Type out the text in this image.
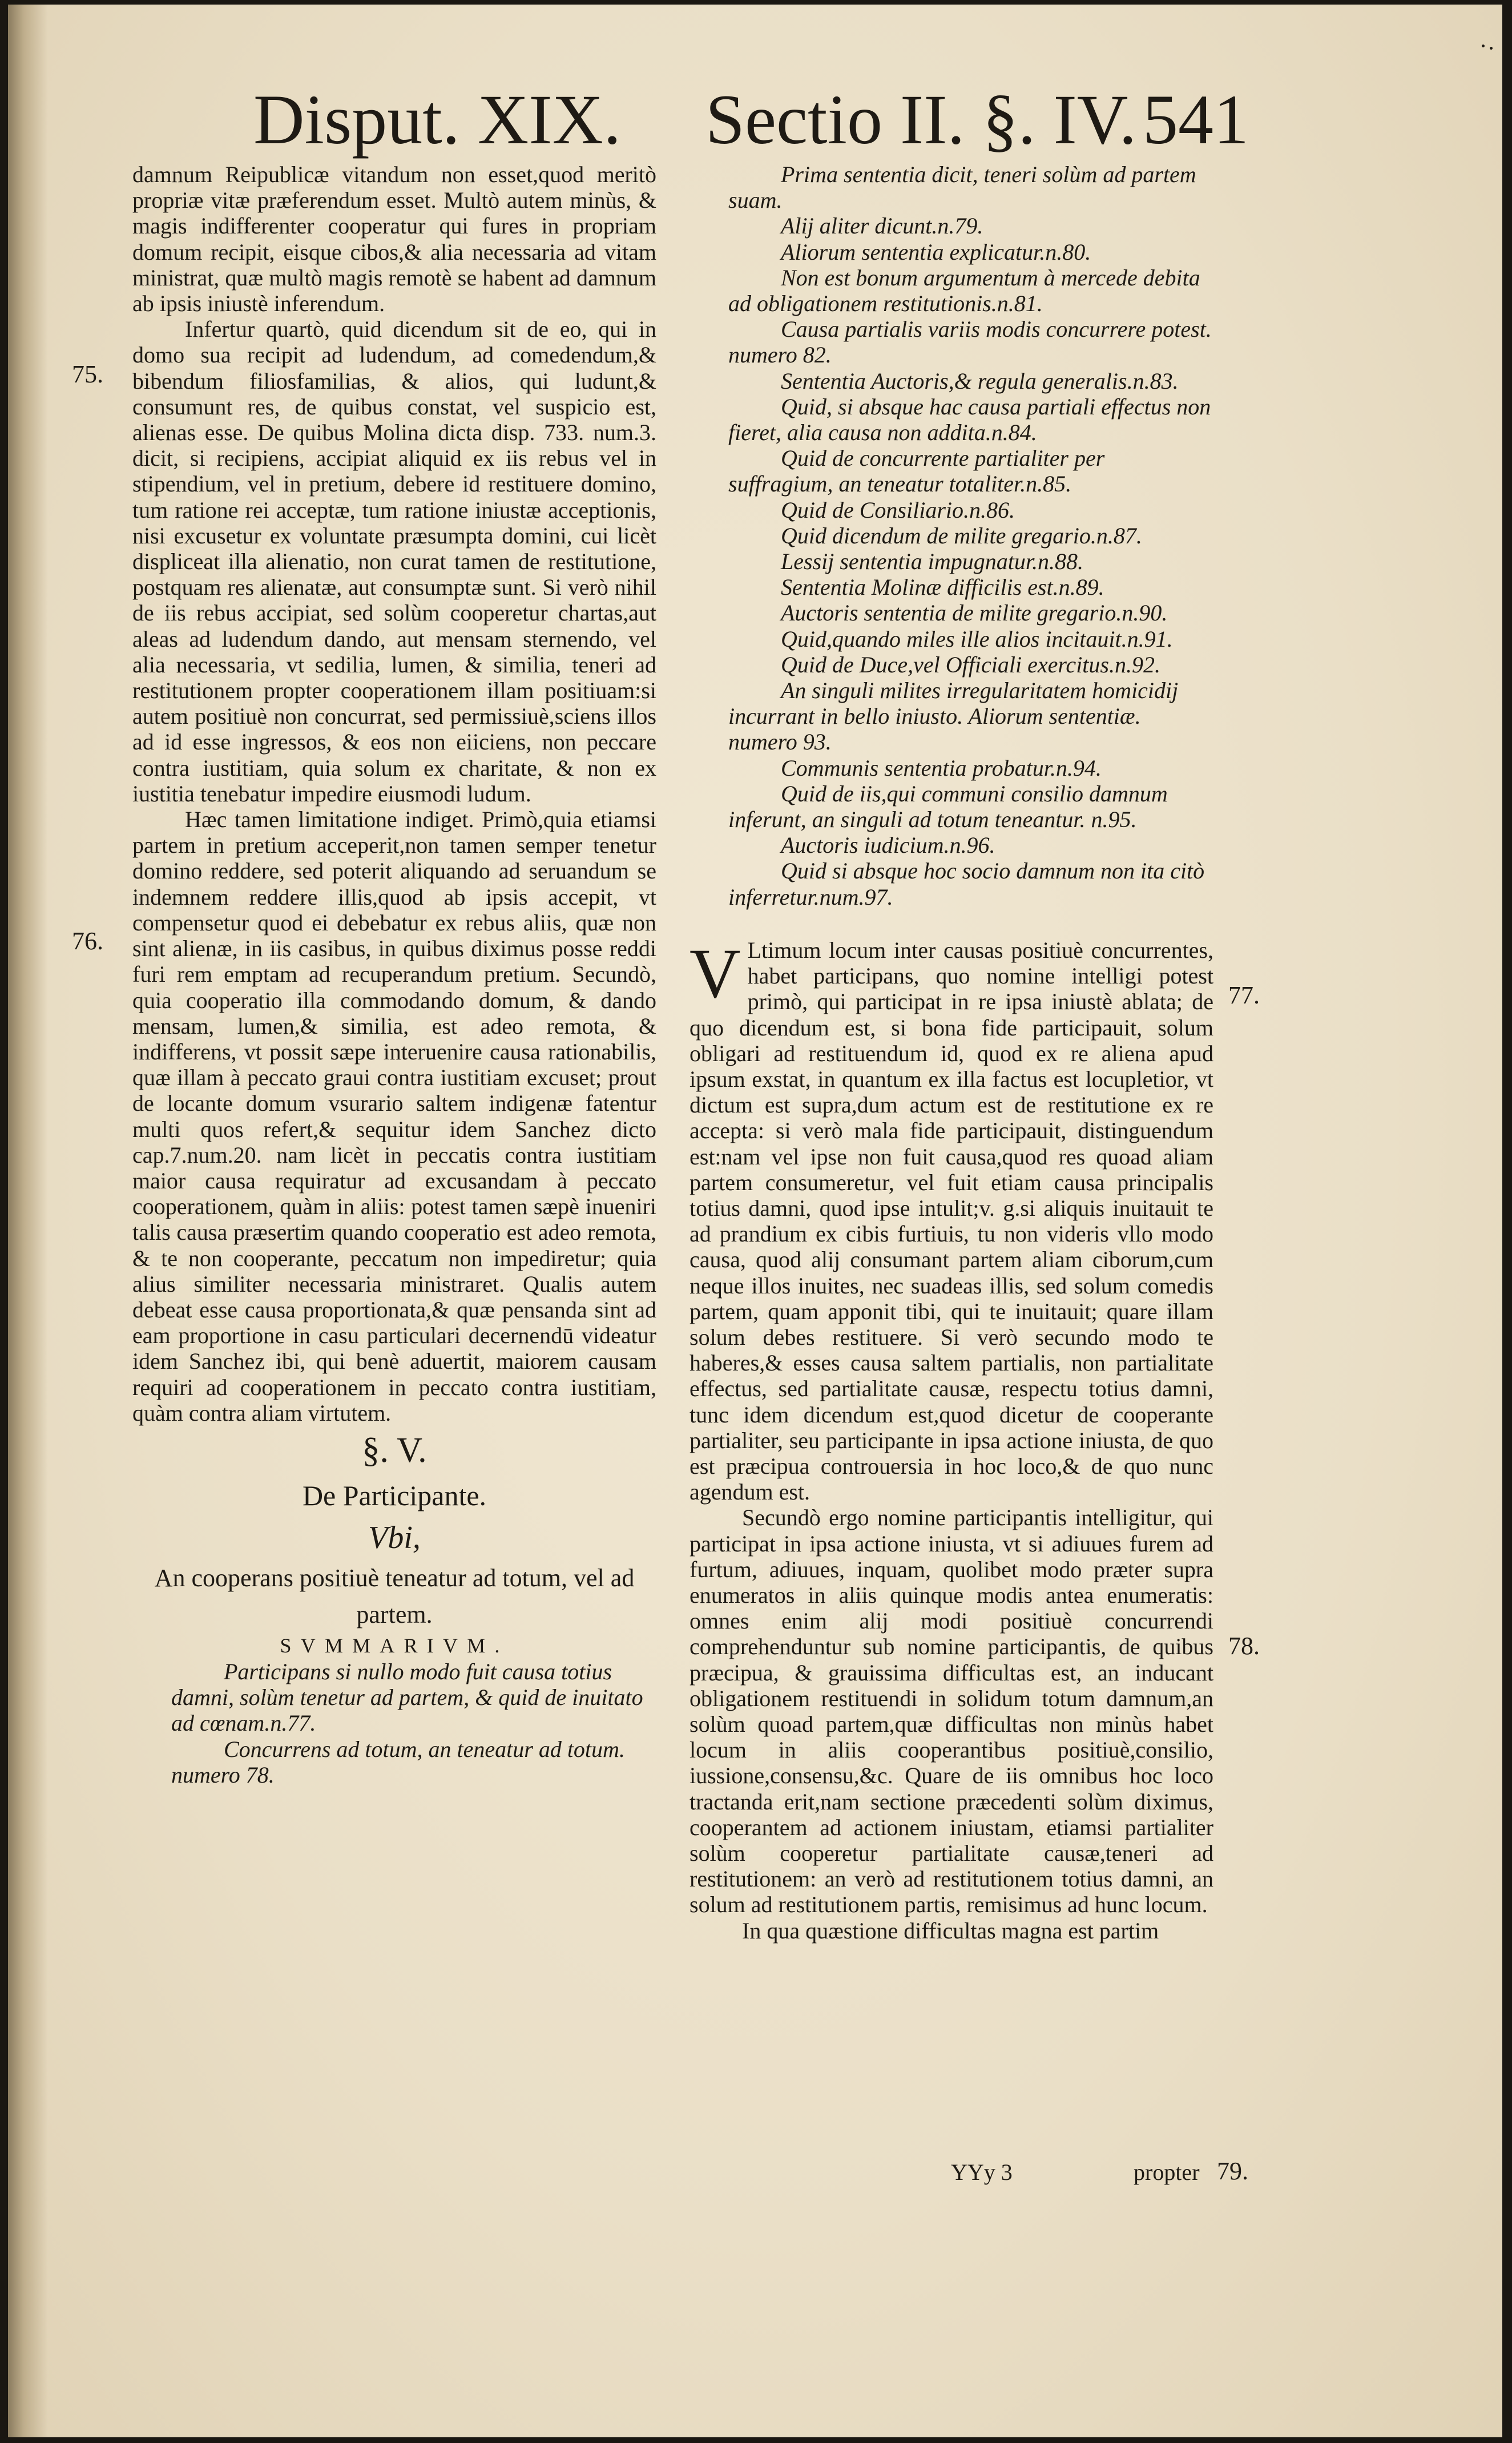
Disput. XIX. Sectio II. §. IV. 541
75.
76.
77.
78.
79.

damnum Reipublicæ vitandum non esset,quod meritò propriæ vitæ præferendum esset. Multò autem minùs, & magis indifferenter cooperatur qui fures in propriam domum recipit, eisque cibos,& alia necessaria ad vitam ministrat, quæ multò magis remotè se habent ad damnum ab ipsis iniustè inferendum.

Infertur quartò, quid dicendum sit de eo, qui in domo sua recipit ad ludendum, ad comedendum,& bibendum filiosfamilias, & alios, qui ludunt,& consumunt res, de quibus constat, vel suspicio est, alienas esse. De quibus Molina dicta disp. 733. num.3. dicit, si recipiens, accipiat aliquid ex iis rebus vel in stipendium, vel in pretium, debere id restituere domino, tum ratione rei acceptæ, tum ratione iniustæ acceptionis, nisi excusetur ex voluntate præsumpta domini, cui licèt displiceat illa alienatio, non curat tamen de restitutione, postquam res alienatæ, aut consumptæ sunt. Si verò nihil de iis rebus accipiat, sed solùm cooperetur chartas,aut aleas ad ludendum dando, aut mensam sternendo, vel alia necessaria, vt sedilia, lumen, & similia, teneri ad restitutionem propter cooperationem illam positiuam:si autem positiuè non concurrat, sed permissiuè,sciens illos ad id esse ingressos, & eos non eiiciens, non peccare contra iustitiam, quia solum ex charitate, & non ex iustitia tenebatur impedire eiusmodi ludum.

Hæc tamen limitatione indiget. Primò,quia etiamsi partem in pretium acceperit,non tamen semper tenetur domino reddere, sed poterit aliquando ad seruandum se indemnem reddere illis,quod ab ipsis accepit, vt compensetur quod ei debebatur ex rebus aliis, quæ non sint alienæ, in iis casibus, in quibus diximus posse reddi furi rem emptam ad recuperandum pretium. Secundò, quia cooperatio illa commodando domum, & dando mensam, lumen,& similia, est adeo remota, & indifferens, vt possit sæpe interuenire causa rationabilis, quæ illam à peccato graui contra iustitiam excuset; prout de locante domum vsurario saltem indigenæ fatentur multi quos refert,& sequitur idem Sanchez dicto cap.7.num.20. nam licèt in peccatis contra iustitiam maior causa requiratur ad excusandam à peccato cooperationem, quàm in aliis: potest tamen sæpè inueniri talis causa præsertim quando cooperatio est adeo remota, & te non cooperante, peccatum non impediretur; quia alius similiter necessaria ministraret. Qualis autem debeat esse causa proportionata,& quæ pensanda sint ad eam proportione in casu particulari decernendū videatur idem Sanchez ibi, qui benè aduertit, maiorem causam requiri ad cooperationem in peccato contra iustitiam, quàm contra aliam virtutem.

§. V.

De Participante.

Vbi,

An cooperans positiuè teneatur ad totum, vel ad partem.

SVMMARIVM.

Participans si nullo modo fuit causa totius damni, solùm tenetur ad partem, & quid de inuitato ad cœnam.n.77.

Concurrens ad totum, an teneatur ad totum. numero 78.

Prima sententia dicit, teneri solùm ad partem suam.

Alij aliter dicunt.n.79.

Aliorum sententia explicatur.n.80.

Non est bonum argumentum à mercede debita ad obligationem restitutionis.n.81.

Causa partialis variis modis concurrere potest. numero 82.

Sententia Auctoris,& regula generalis.n.83.

Quid, si absque hac causa partiali effectus non fieret, alia causa non addita.n.84.

Quid de concurrente partialiter per suffragium, an teneatur totaliter.n.85.

Quid de Consiliario.n.86.

Quid dicendum de milite gregario.n.87.

Lessij sententia impugnatur.n.88.

Sententia Molinæ difficilis est.n.89.

Auctoris sententia de milite gregario.n.90.

Quid,quando miles ille alios incitauit.n.91.

Quid de Duce,vel Officiali exercitus.n.92.

An singuli milites irregularitatem homicidij incurrant in bello iniusto. Aliorum sententiæ. numero 93.

Communis sententia probatur.n.94.

Quid de iis,qui communi consilio damnum inferunt, an singuli ad totum teneantur. n.95.

Auctoris iudicium.n.96.

Quid si absque hoc socio damnum non ita citò inferretur.num.97.

V Ltimum locum inter causas positiuè concurrentes, habet participans, quo nomine intelligi potest primò, qui participat in re ipsa iniustè ablata; de quo dicendum est, si bona fide participauit, solum obligari ad restituendum id, quod ex re aliena apud ipsum exstat, in quantum ex illa factus est locupletior, vt dictum est supra,dum actum est de restitutione ex re accepta: si verò mala fide participauit, distinguendum est:nam vel ipse non fuit causa,quod res quoad aliam partem consumeretur, vel fuit etiam causa principalis totius damni, quod ipse intulit;v. g.si aliquis inuitauit te ad prandium ex cibis furtiuis, tu non videris vllo modo causa, quod alij consumant partem aliam ciborum,cum neque illos inuites, nec suadeas illis, sed solum comedis partem, quam apponit tibi, qui te inuitauit; quare illam solum debes restituere. Si verò secundo modo te haberes,& esses causa saltem partialis, non partialitate effectus, sed partialitate causæ, respectu totius damni, tunc idem dicendum est,quod dicetur de cooperante partialiter, seu participante in ipsa actione iniusta, de quo est præcipua controuersia in hoc loco,& de quo nunc agendum est.

Secundò ergo nomine participantis intelligitur, qui participat in ipsa actione iniusta, vt si adiuues furem ad furtum, adiuues, inquam, quolibet modo præter supra enumeratos in aliis quinque modis antea enumeratis: omnes enim alij modi positiuè concurrendi comprehenduntur sub nomine participantis, de quibus præcipua, & grauissima difficultas est, an inducant obligationem restituendi in solidum totum damnum,an solùm quoad partem,quæ difficultas non minùs habet locum in aliis cooperantibus positiuè,consilio, iussione,consensu,&c. Quare de iis omnibus hoc loco tractanda erit,nam sectione præcedenti solùm diximus, cooperantem ad actionem iniustam, etiamsi partialiter solùm cooperetur partialitate causæ,teneri ad restitutionem: an verò ad restitutionem totius damni, an solum ad restitutionem partis, remisimus ad hunc locum.

In qua quæstione difficultas magna est partim

YYy 3	propter
